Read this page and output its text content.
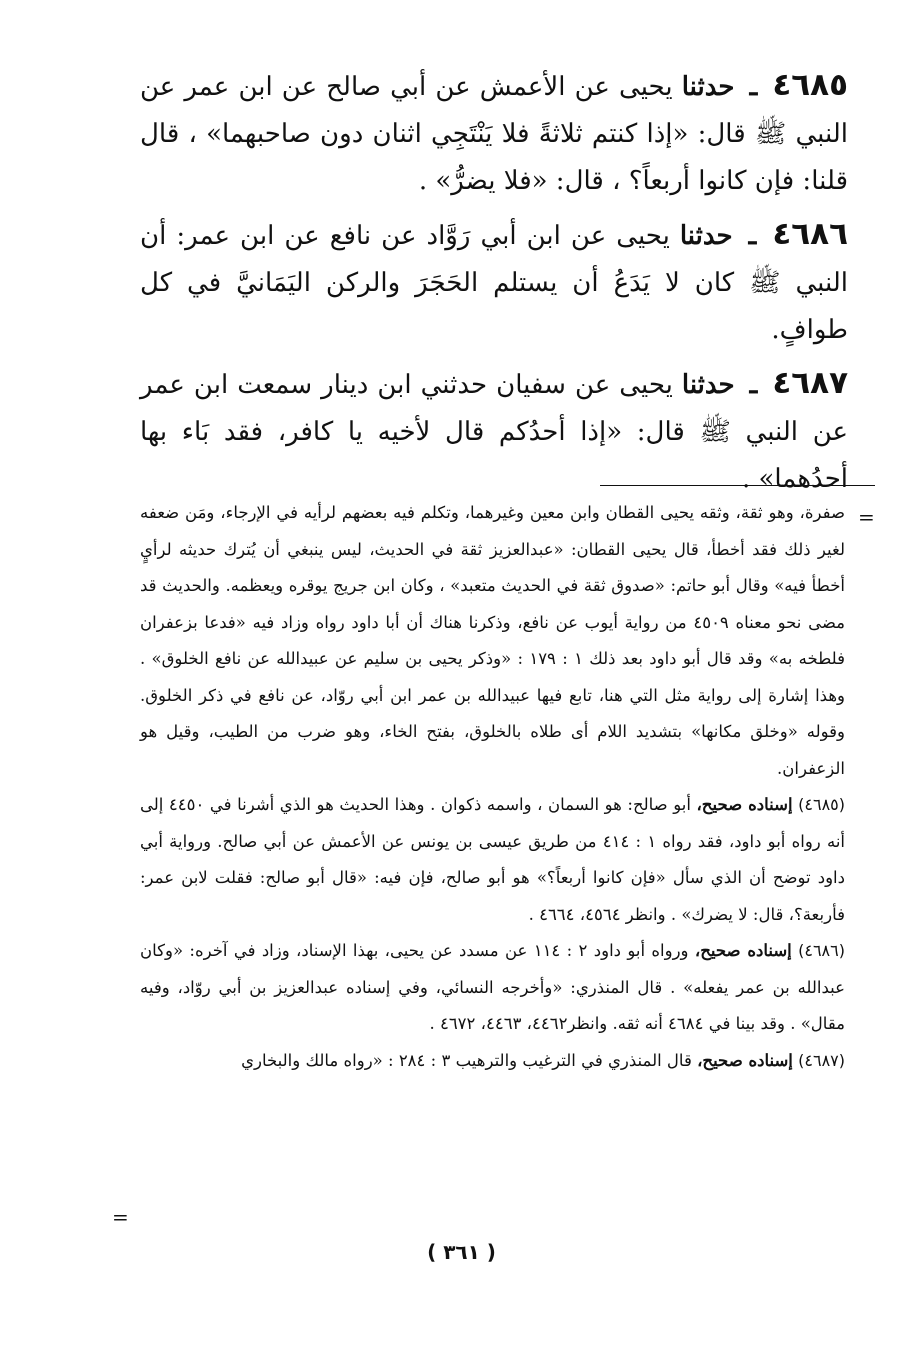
٤٦٨٥ ـ حدثنا يحيى عن الأعمش عن أبي صالح عن ابن عمر عن النبي ﷺ قال: «إذا كنتم ثلاثةً فلا يَنْتَجِي اثنان دون صاحبهما» ، قال قلنا: فإن كانوا أربعاً؟ ، قال: «فلا يضرُّ» .

٤٦٨٦ ـ حدثنا يحيى عن ابن أبي رَوَّاد عن نافع عن ابن عمر: أن النبي ﷺ كان لا يَدَعُ أن يستلم الحَجَرَ والركن اليَمَانيَّ في كل طوافٍ.

٤٦٨٧ ـ حدثنا يحيى عن سفيان حدثني ابن دينار سمعت ابن عمر عن النبي ﷺ قال: «إذا أحدُكم قال لأخيه يا كافر، فقد بَاء بها أحدُهما» .

=

صفرة، وهو ثقة، وثقه يحيى القطان وابن معين وغيرهما، وتكلم فيه بعضهم لرأيه في الإرجاء، ومَن ضعفه لغير ذلك فقد أخطأ، قال يحيى القطان: «عبدالعزيز ثقة في الحديث، ليس ينبغي أن يُترك حديثه لرأيٍ أخطأ فيه» وقال أبو حاتم: «صدوق ثقة في الحديث متعبد» ، وكان ابن جريج يوقره ويعظمه. والحديث قد مضى نحو معناه ٤٥٠٩ من رواية أيوب عن نافع، وذكرنا هناك أن أبا داود رواه وزاد فيه «فدعا بزعفران فلطخه به» وقد قال أبو داود بعد ذلك ١ : ١٧٩ : «وذكر يحيى بن سليم عن عبيدالله عن نافع الخلوق» . وهذا إشارة إلى رواية مثل التي هنا، تابع فيها عبيدالله بن عمر ابن أبي روّاد، عن نافع في ذكر الخلوق. وقوله «وخلق مكانها» بتشديد اللام أى طلاه بالخلوق، بفتح الخاء، وهو ضرب من الطيب، وقيل هو الزعفران.

(٤٦٨٥) إسناده صحيح، أبو صالح: هو السمان ، واسمه ذكوان . وهذا الحديث هو الذي أشرنا في ٤٤٥٠ إلى أنه رواه أبو داود، فقد رواه ١ : ٤١٤ من طريق عيسى بن يونس عن الأعمش عن أبي صالح. ورواية أبي داود توضح أن الذي سأل «فإن كانوا أربعاً؟» هو أبو صالح، فإن فيه: «قال أبو صالح: فقلت لابن عمر: فأربعة؟، قال: لا يضرك» . وانظر ٤٥٦٤، ٤٦٦٤ .

(٤٦٨٦) إسناده صحيح، ورواه أبو داود ٢ : ١١٤ عن مسدد عن يحيى، بهذا الإسناد، وزاد في آخره: «وكان عبدالله بن عمر يفعله» . قال المنذري: «وأخرجه النسائي، وفي إسناده عبدالعزيز بن أبي روّاد، وفيه مقال» . وقد بينا في ٤٦٨٤ أنه ثقه. وانظر٤٤٦٢، ٤٤٦٣، ٤٦٧٢ .

(٤٦٨٧) إسناده صحيح، قال المنذري في الترغيب والترهيب ٣ : ٢٨٤ : «رواه مالك والبخاري

=
( ٣٦١ )
